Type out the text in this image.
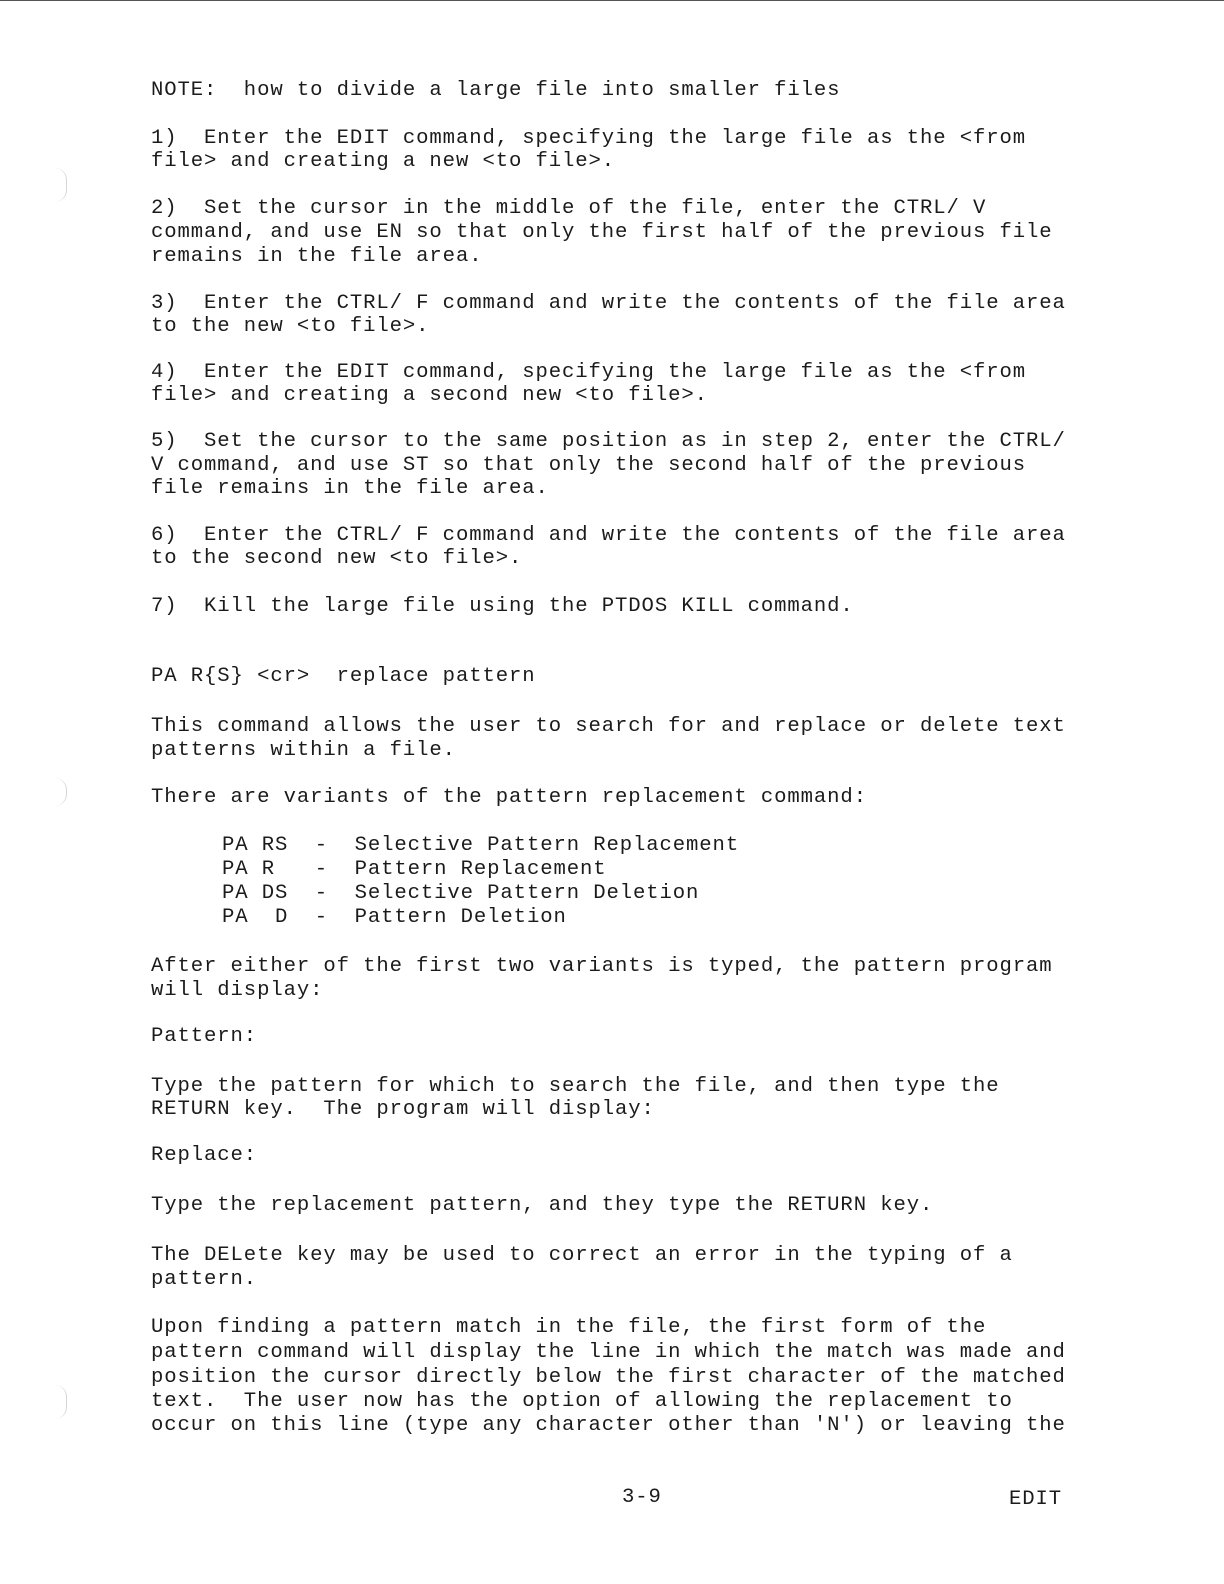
NOTE:  how to divide a large file into smaller files
1)  Enter the EDIT command, specifying the large file as the <from
file> and creating a new <to file>.
2)  Set the cursor in the middle of the file, enter the CTRL/ V
command, and use EN so that only the first half of the previous file
remains in the file area.
3)  Enter the CTRL/ F command and write the contents of the file area
to the new <to file>.
4)  Enter the EDIT command, specifying the large file as the <from
file> and creating a second new <to file>.
5)  Set the cursor to the same position as in step 2, enter the CTRL/
V command, and use ST so that only the second half of the previous
file remains in the file area.
6)  Enter the CTRL/ F command and write the contents of the file area
to the second new <to file>.
7)  Kill the large file using the PTDOS KILL command.
PA R{S} <cr>  replace pattern
This command allows the user to search for and replace or delete text
patterns within a file.
There are variants of the pattern replacement command:
PA RS  -  Selective Pattern Replacement
PA R   -  Pattern Replacement
PA DS  -  Selective Pattern Deletion
PA  D  -  Pattern Deletion
After either of the first two variants is typed, the pattern program
will display:
Pattern:
Type the pattern for which to search the file, and then type the
RETURN key.  The program will display:
Replace:
Type the replacement pattern, and they type the RETURN key.
The DELete key may be used to correct an error in the typing of a
pattern.
Upon finding a pattern match in the file, the first form of the
pattern command will display the line in which the match was made and
position the cursor directly below the first character of the matched
text.  The user now has the option of allowing the replacement to
occur on this line (type any character other than 'N') or leaving the
3-9	EDIT
